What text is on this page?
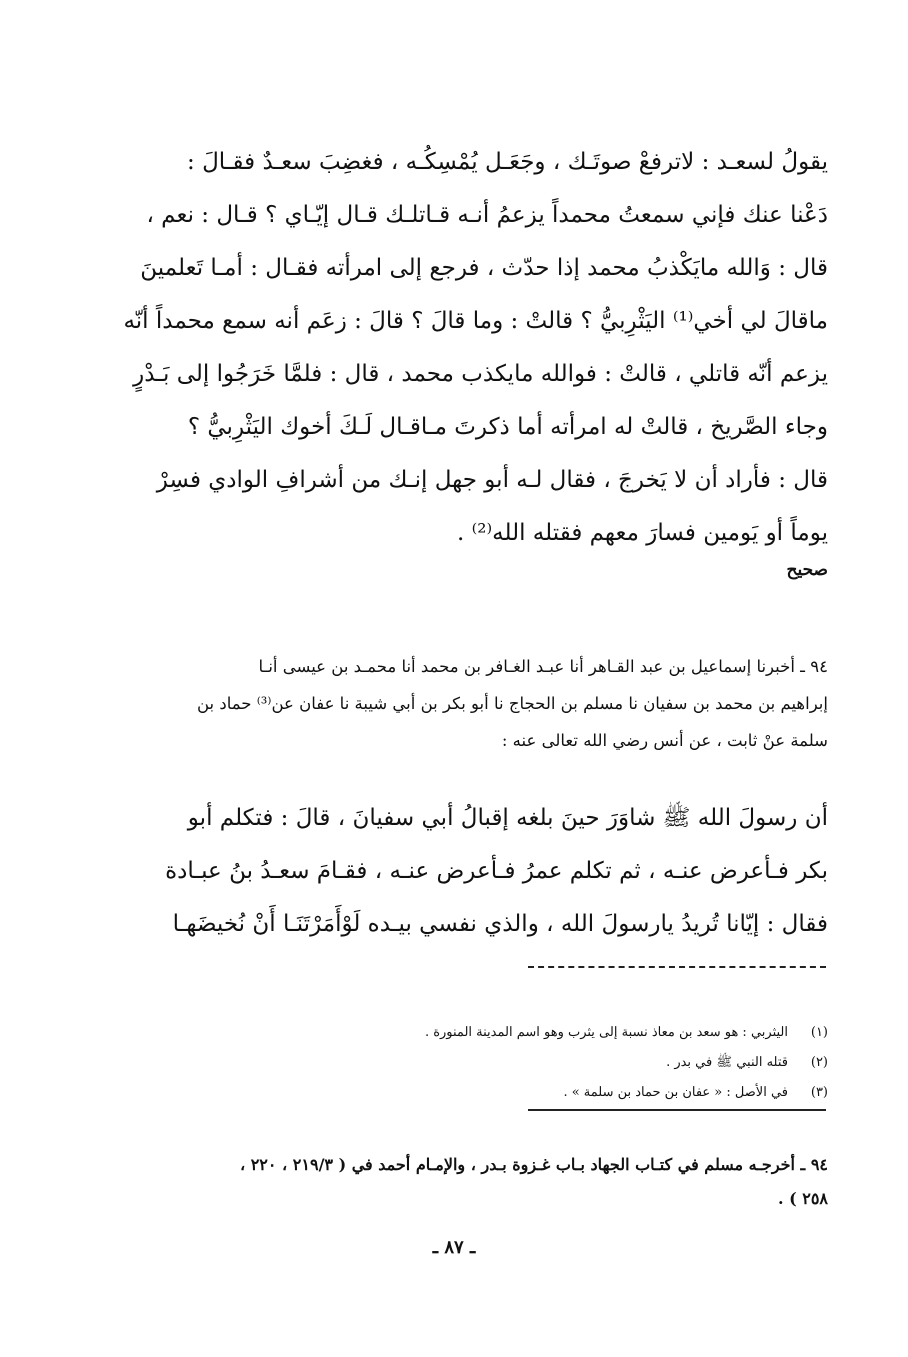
يقولُ لسعـد : لاترفعْ صوتَـك ، وجَعَـل يُمْسِكُـه ، فغضِبَ سعـدٌ فقـالَ :
دَعْنا عنك فإني سمعتُ محمداً يزعمُ أنـه قـاتلـك قـال إيّـاي ؟ قـال : نعم ،
قال : وَالله مايَكْذبُ محمد إذا حدّث ، فرجع إلى امرأته فقـال : أمـا تَعلمينَ
ماقالَ لي أخي⁽¹⁾ اليَثْرِبيُّ ؟ قالتْ : وما قالَ ؟ قالَ : زعَم أنه سمع محمداً أنّه
يزعم أنّه قاتلي ، قالتْ : فوالله مايكذب محمد ، قال : فلمَّا خَرَجُوا إلى بَـدْرٍ
وجاء الصَّريخ ، قالتْ له امرأته أما ذكرتَ مـاقـال لَـكَ أخوك اليَثْرِبيُّ ؟
قال : فأراد أن لا يَخرجَ ، فقال لـه أبو جهل إنـك من أشرافِ الوادي فسِرْ
يوماً أو يَومين فسارَ معهم فقتله الله⁽²⁾ .
صحيح
٩٤ ـ أخبرنا إسماعيل بن عبد القـاهر أنا عبـد الغـافر بن محمد أنا محمـد بن عيسى أنـا
إبراهيم بن محمد بن سفيان نا مسلم بن الحجاج نا أبو بكر بن أبي شيبة نا عفان عن⁽³⁾ حماد بن
سلمة عنْ ثابت ، عن أنس رضي الله تعالى عنه :
أن رسولَ الله ﷺ شاوَرَ حينَ بلغه إقبالُ أبي سفيانَ ، قالَ : فتكلم أبو
بكر فـأعرض عنـه ، ثم تكلم عمرُ فـأعرض عنـه ، فقـامَ سعـدُ بنُ عبـادة
فقال : إيّانا تُريدُ يارسولَ الله ، والذي نفسي بيـده لَوْأَمَرْتَنَـا أَنْ نُخيضَهـا
(١)
اليثربي : هو سعد بن معاذ نسبة إلى يثرب وهو اسم المدينة المنورة .
(٢)
قتله النبي ﷺ في بدر .
(٣)
في الأصل : « عفان بن حماد بن سلمة » .
٩٤ ـ أخرجـه مسلم في كتـاب الجهاد بـاب غـزوة بـدر ، والإمـام أحمد في ( ٢١٩/٣ ، ٢٢٠ ،
٢٥٨ ) .
ـ ٨٧ ـ
